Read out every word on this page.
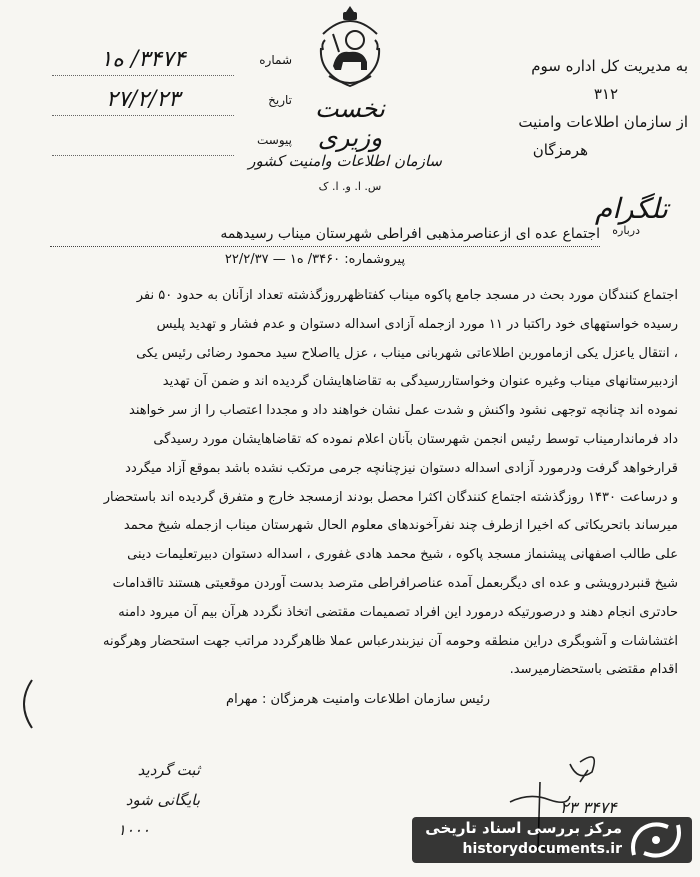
به مدیریت کل اداره سوم
۳۱۲
از سازمان اطلاعات وامنیت
هرمزگان
نخست وزیری
سازمان اطلاعات وامنیت کشور
س. ا. و. ا. ک
۳۴۷۴/ ه۱	شماره
۲۷/۲/۲۳	تاریخ
پیوست
تلگرام
درباره
اجتماع عده ای ازعناصرمذهبی افراطی شهرستان میناب رسیدهمه
پیروشماره: ۳۴۶۰/ ه۱ — ۲۲/۲/۳۷

اجتماع کنندگان مورد بحث در مسجد جامع پاکوه میناب کفتاظهرروزگذشته تعداد ازآنان به حدود ۵۰ نفر

رسیده خواستههای خود راکتبا در ۱۱ مورد ازجمله آزادی اسداله دستوان و عدم فشار و تهدید پلیس

، انتقال یاعزل یکی ازماموربن اطلاعاتی شهربانی میناب ، عزل یااصلاح سید محمود رضائی رئیس یکی

ازدبیرستانهای میناب وغیره عنوان وخواستاررسیدگی به تقاضاهایشان گردیده اند و ضمن آن تهدید

نموده اند چنانچه توجهی نشود واکنش و شدت عمل نشان خواهند داد و مجددا اعتصاب را از سر خواهند

داد فرماندارمیناب توسط رئیس انجمن شهرستان بآنان اعلام نموده که تقاضاهایشان مورد رسیدگی

قرارخواهد گرفت ودرمورد آزادی اسداله دستوان نیزچنانچه جرمی مرتکب نشده باشد بموقع آزاد میگردد

و درساعت ۱۴۳۰ روزگذشته اجتماع کنندگان اکثرا محصل بودند ازمسجد خارج و متفرق گردیده اند باستحضار

میرساند باتحریکاتی که اخیرا ازطرف چند نفرآخوندهای معلوم الحال شهرستان میناب ازجمله شیخ محمد

علی طالب اصفهانی پیشنماز مسجد پاکوه ، شیخ محمد هادی غفوری ، اسداله دستوان دبیرتعلیمات دینی

شیخ قنبردرویشی و عده ای دیگربعمل آمده عناصرافراطی مترصد بدست آوردن موقعیتی هستند تااقدامات

حادتری انجام دهند و درصورتیکه درمورد این افراد تصمیمات مقتضی اتخاذ نگردد هرآن بیم آن میرود دامنه

اغتشاشات و آشوبگری دراین منطقه وحومه آن نیزبندرعباس عملا ظاهرگردد مراتب جهت استحضار وهرگونه

اقدام مقتضی باستحضارمیرسد.

رئیس سازمان اطلاعات وامنیت هرمزگان : مهرام
ثبت گردید
بایگانی شود
۱۰۰۰
۲۳ ۳۴۷۴
مرکز بررسی اسناد تاریخی
historydocuments.ir
